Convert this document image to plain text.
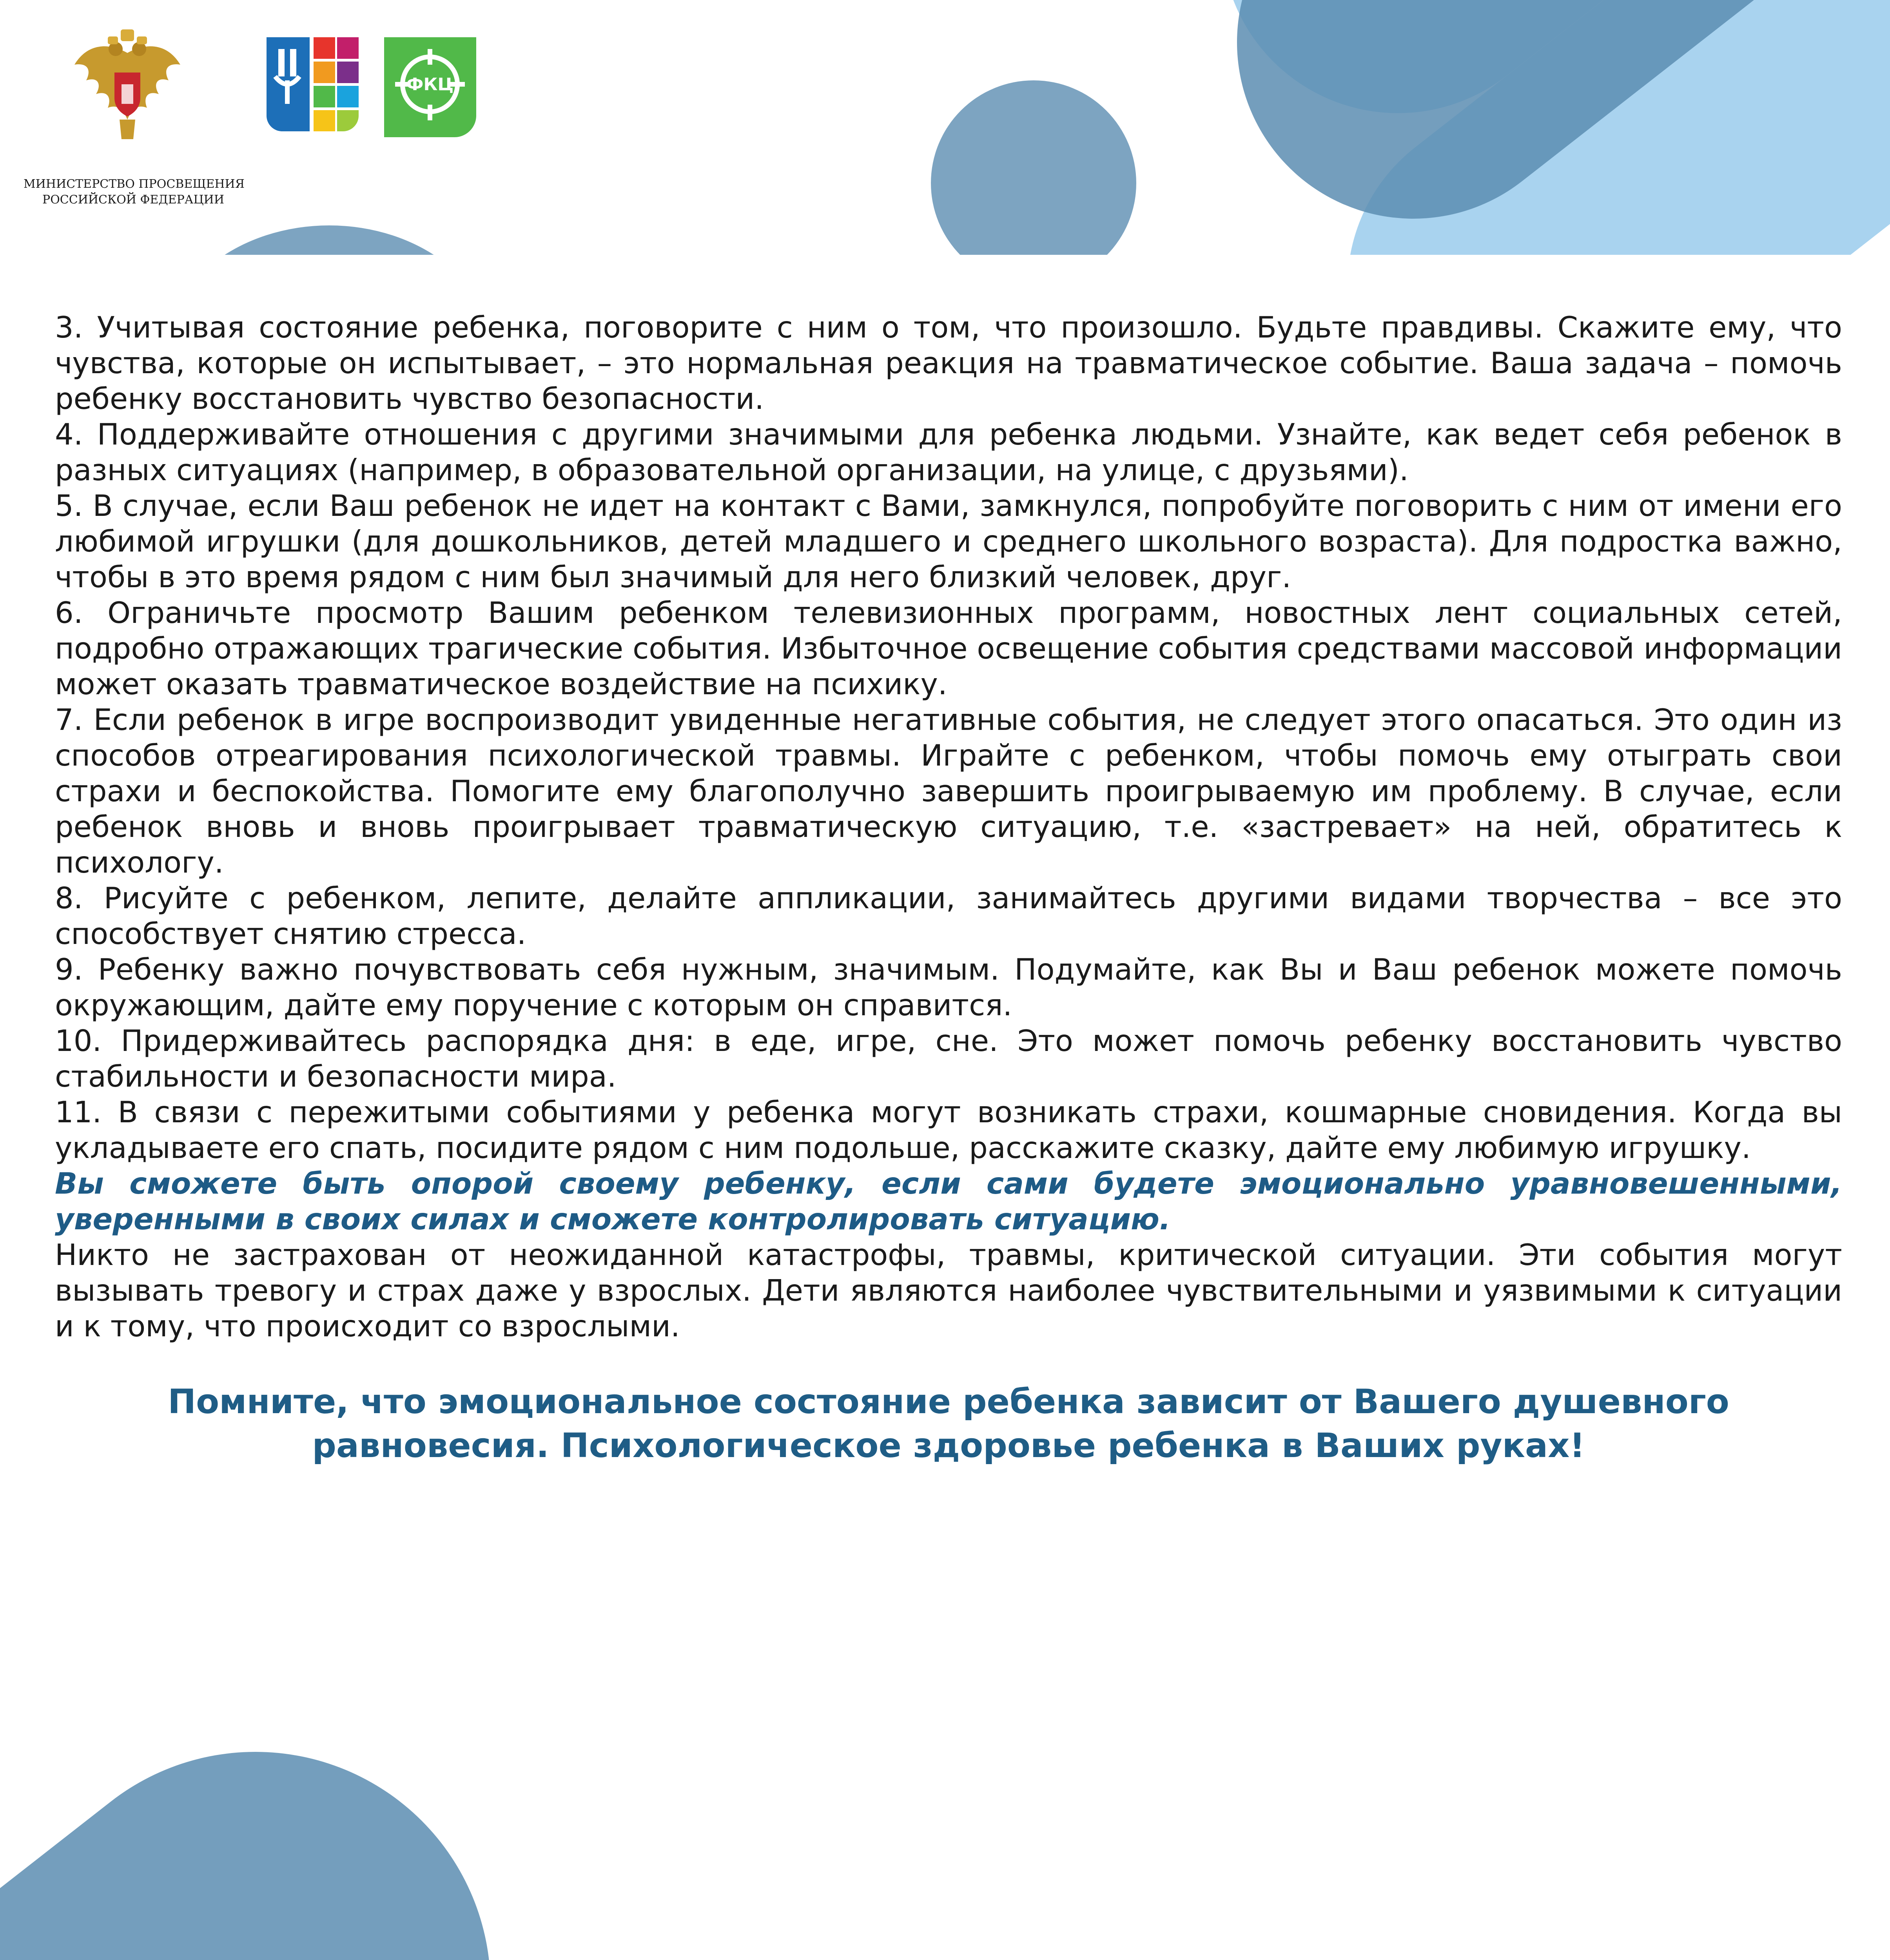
МИНИСТЕРСТВО ПРОСВЕЩЕНИЯ
РОССИЙСКОЙ ФЕДЕРАЦИИ
ФКЦ

3. Учитывая состояние ребенка, поговорите с ним о том, что произошло. Будьте правдивы. Скажите ему, что чувства, которые он испытывает, – это нормальная реакция на травматическое событие. Ваша задача – помочь ребенку восстановить чувство безопасности.

4. Поддерживайте отношения с другими значимыми для ребенка людьми. Узнайте, как ведет себя ребенок в разных ситуациях (например, в образовательной организации, на улице, с друзьями).

5. В случае, если Ваш ребенок не идет на контакт с Вами, замкнулся, попробуйте поговорить с ним от имени его любимой игрушки (для дошкольников, детей младшего и среднего школьного возраста). Для подростка важно, чтобы в это время рядом с ним был значимый для него близкий человек, друг.

6. Ограничьте просмотр Вашим ребенком телевизионных программ, новостных лент социальных сетей, подробно отражающих трагические события. Избыточное освещение события средствами массовой информации может оказать травматическое воздействие на психику.

7. Если ребенок в игре воспроизводит увиденные негативные события, не следует этого опасаться. Это один из способов отреагирования психологической травмы. Играйте с ребенком, чтобы помочь ему отыграть свои страхи и беспокойства. Помогите ему благополучно завершить проигрываемую им проблему. В случае, если ребенок вновь и вновь проигрывает травматическую ситуацию, т.е. «застревает» на ней, обратитесь к психологу.

8. Рисуйте с ребенком, лепите, делайте аппликации, занимайтесь другими видами творчества – все это способствует снятию стресса.

9. Ребенку важно почувствовать себя нужным, значимым. Подумайте, как Вы и Ваш ребенок можете помочь окружающим, дайте ему поручение с которым он справится.

10. Придерживайтесь распорядка дня: в еде, игре, сне. Это может помочь ребенку восстановить чувство стабильности и безопасности мира.

11. В связи с пережитыми событиями у ребенка могут возникать страхи, кошмарные сновидения. Когда вы укладываете его спать, посидите рядом с ним подольше, расскажите сказку, дайте ему любимую игрушку.

Вы сможете быть опорой своему ребенку, если сами будете эмоционально уравновешенными, уверенными в своих силах и сможете контролировать ситуацию.

Никто не застрахован от неожиданной катастрофы, травмы, критической ситуации. Эти события могут вызывать тревогу и страх даже у взрослых. Дети являются наиболее чувствительными и уязвимыми к ситуации и к тому, что происходит со взрослыми.

Помните, что эмоциональное состояние ребенка зависит от Вашего душевного
равновесия. Психологическое здоровье ребенка в Ваших руках!
